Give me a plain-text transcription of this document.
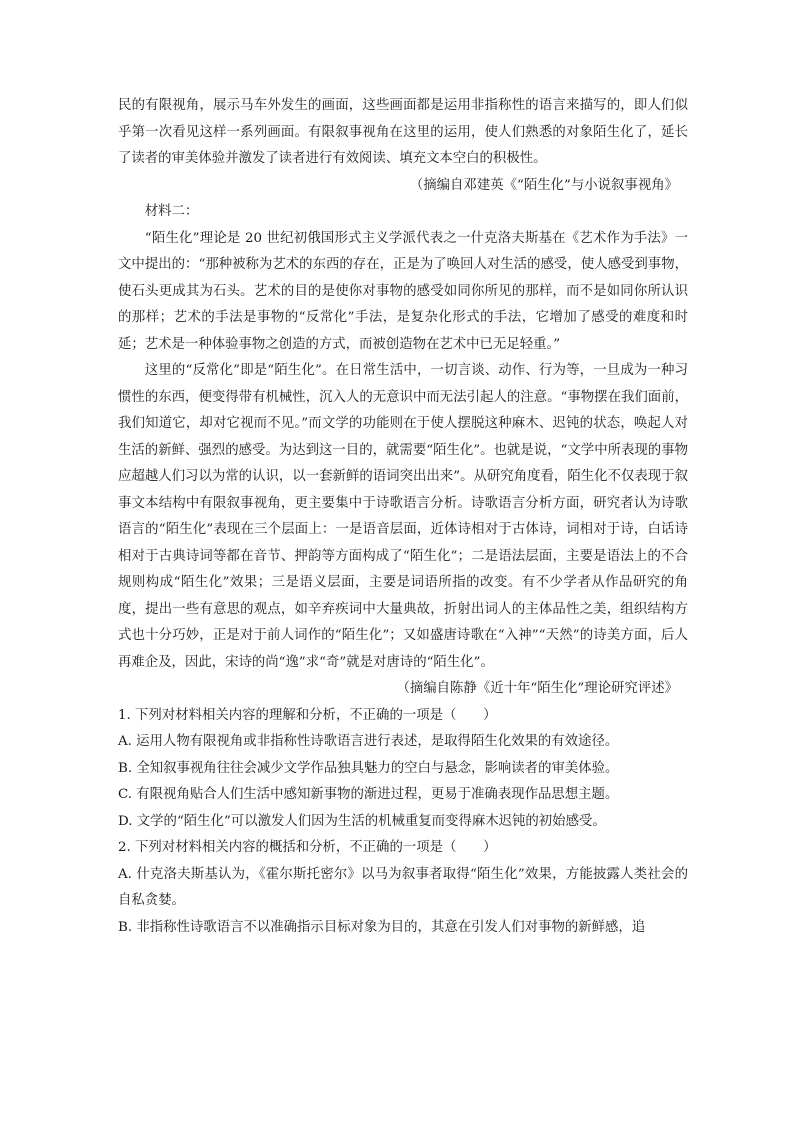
民的有限视角，展示马车外发生的画面，这些画面都是运用非指称性的语言来描写的，即人们似乎第一次看见这样一系列画面。有限叙事视角在这里的运用，使人们熟悉的对象陌生化了，延长了读者的审美体验并激发了读者进行有效阅读、填充文本空白的积极性。

（摘编自邓建英《“陌生化”与小说叙事视角》

材料二：

“陌生化”理论是 20 世纪初俄国形式主义学派代表之一什克洛夫斯基在《艺术作为手法》一文中提出的：“那种被称为艺术的东西的存在，正是为了唤回人对生活的感受，使人感受到事物，使石头更成其为石头。艺术的目的是使你对事物的感受如同你所见的那样，而不是如同你所认识的那样；艺术的手法是事物的“反常化”手法，是复杂化形式的手法，它增加了感受的难度和时延；艺术是一种体验事物之创造的方式，而被创造物在艺术中已无足轻重。”

这里的“反常化”即是“陌生化”。在日常生活中，一切言谈、动作、行为等，一旦成为一种习惯性的东西，便变得带有机械性，沉入人的无意识中而无法引起人的注意。“事物摆在我们面前，我们知道它，却对它视而不见。”而文学的功能则在于使人摆脱这种麻木、迟钝的状态，唤起人对生活的新鲜、强烈的感受。为达到这一目的，就需要“陌生化”。也就是说，“文学中所表现的事物应超越人们习以为常的认识，以一套新鲜的语词突出出来”。从研究角度看，陌生化不仅表现于叙事文本结构中有限叙事视角，更主要集中于诗歌语言分析。诗歌语言分析方面，研究者认为诗歌语言的“陌生化”表现在三个层面上：一是语音层面，近体诗相对于古体诗，词相对于诗，白话诗相对于古典诗词等都在音节、押韵等方面构成了“陌生化”；二是语法层面，主要是语法上的不合规则构成“陌生化”效果；三是语义层面，主要是词语所指的改变。有不少学者从作品研究的角度，提出一些有意思的观点，如辛弃疾词中大量典故，折射出词人的主体品性之美，组织结构方式也十分巧妙，正是对于前人词作的“陌生化”；又如盛唐诗歌在“入神”“天然”的诗美方面，后人再难企及，因此，宋诗的尚“逸”求“奇”就是对唐诗的“陌生化”。

（摘编自陈静《近十年“陌生化”理论研究评述》

1. 下列对材料相关内容的理解和分析，不正确的一项是（　　）

A. 运用人物有限视角或非指称性诗歌语言进行表述，是取得陌生化效果的有效途径。

B. 全知叙事视角往往会减少文学作品独具魅力的空白与悬念，影响读者的审美体验。

C. 有限视角贴合人们生活中感知新事物的渐进过程，更易于准确表现作品思想主题。

D. 文学的“陌生化”可以激发人们因为生活的机械重复而变得麻木迟钝的初始感受。

2. 下列对材料相关内容的概括和分析，不正确的一项是（　　）

A. 什克洛夫斯基认为，《霍尔斯托密尔》以马为叙事者取得“陌生化”效果，方能披露人类社会的自私贪婪。

B. 非指称性诗歌语言不以准确指示目标对象为目的，其意在引发人们对事物的新鲜感，追
